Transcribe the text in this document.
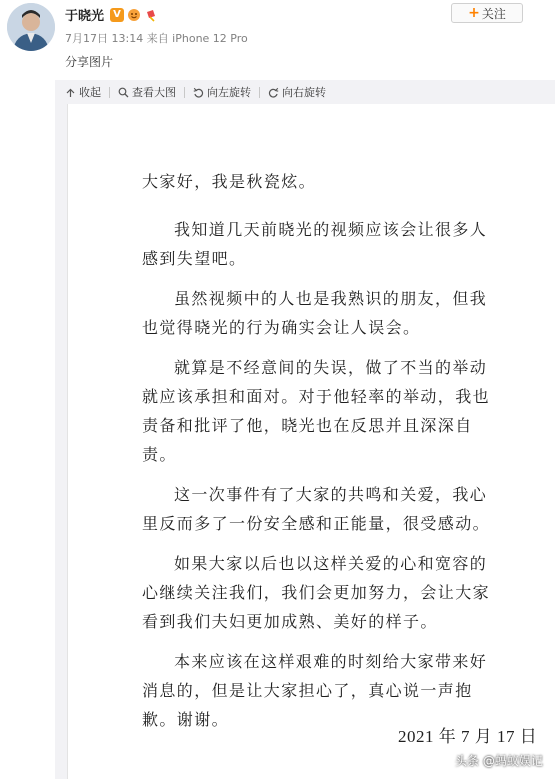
于晓光 V
7月17日 13:14 来自 iPhone 12 Pro
分享图片
+ 关注
收起	查看大图	向左旋转	向右旋转

大家好，我是秋瓷炫。

我知道几天前晓光的视频应该会让很多人感到失望吧。

虽然视频中的人也是我熟识的朋友，但我也觉得晓光的行为确实会让人误会。

就算是不经意间的失误，做了不当的举动就应该承担和面对。对于他轻率的举动，我也责备和批评了他，晓光也在反思并且深深自责。

这一次事件有了大家的共鸣和关爱，我心里反而多了一份安全感和正能量，很受感动。

如果大家以后也以这样关爱的心和宽容的心继续关注我们，我们会更加努力，会让大家看到我们夫妇更加成熟、美好的样子。

本来应该在这样艰难的时刻给大家带来好消息的，但是让大家担心了，真心说一声抱歉。谢谢。

2021 年 7 月 17 日
头条 @蚂蚁娱记
